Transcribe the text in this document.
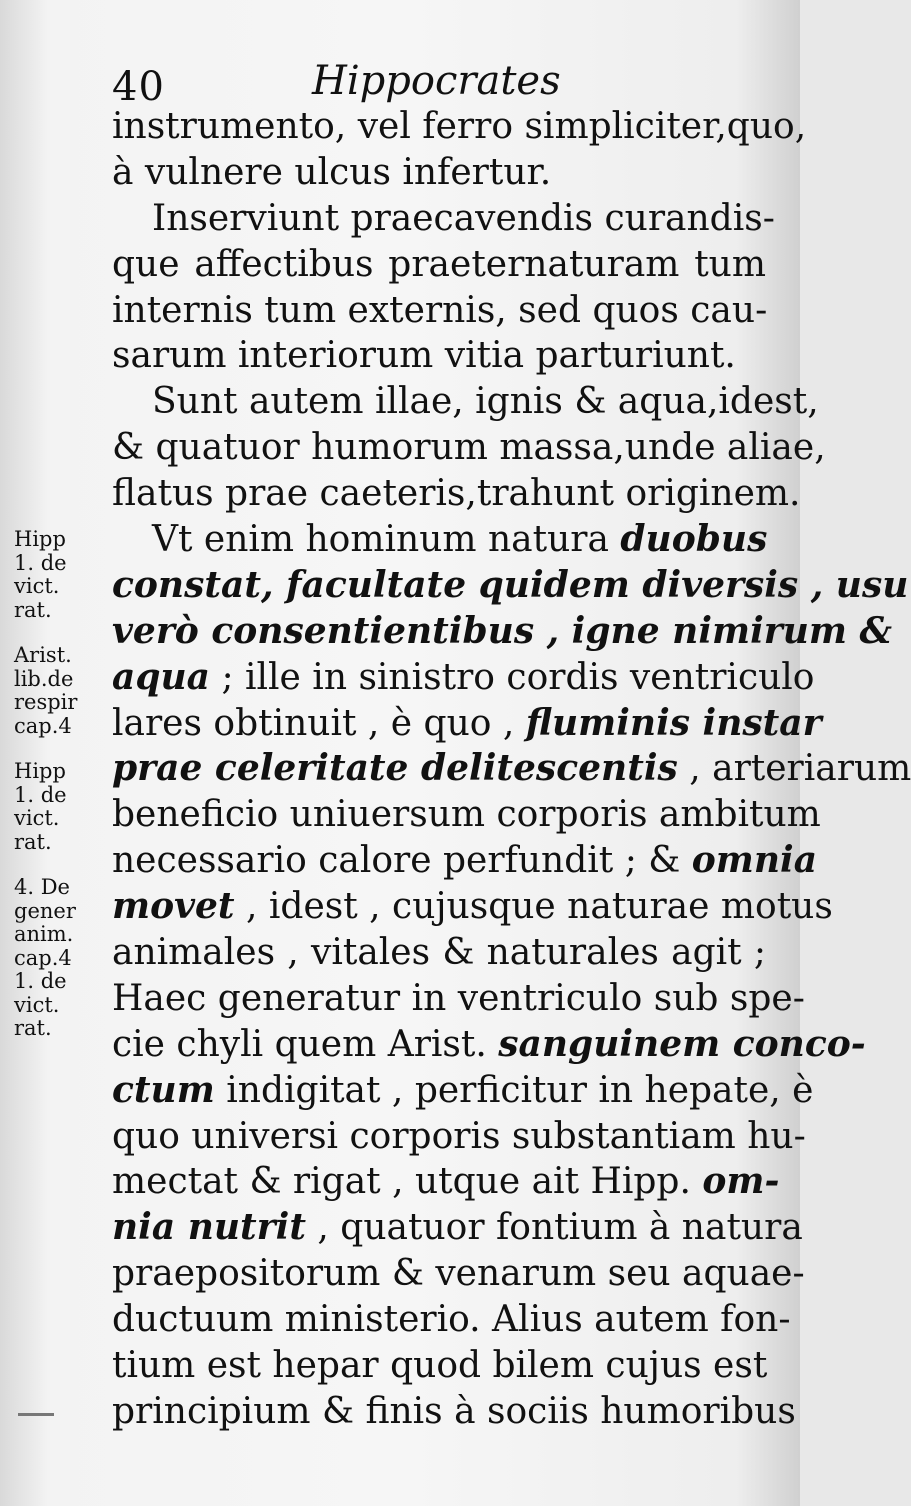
40	Hippocrates
instrumento, vel ferro simpliciter,quo,
à vulnere ulcus infertur.
Inserviunt praecavendis curandis-
que affectibus praeternaturam tum
internis tum externis, sed quos cau-
sarum interiorum vitia parturiunt.
Sunt autem illae, ignis & aqua,idest,
& quatuor humorum massa,unde aliae,
flatus prae caeteris,trahunt originem.
Vt enim hominum natura duobus
constat, facultate quidem diversis , usu
verò consentientibus , igne nimirum &
aqua ; ille in sinistro cordis ventriculo
lares obtinuit , è quo , fluminis instar
prae celeritate delitescentis , arteriarum
beneficio uniuersum corporis ambitum
necessario calore perfundit ; & omnia
movet , idest , cujusque naturae motus
animales , vitales & naturales agit ;
Haec generatur in ventriculo sub spe-
cie chyli quem Arist. sanguinem conco-
ctum indigitat , perficitur in hepate, è
quo universi corporis substantiam hu-
mectat & rigat , utque ait Hipp. om-
nia nutrit , quatuor fontium à natura
praepositorum & venarum seu aquae-
ductuum ministerio. Alius autem fon-
tium est hepar quod bilem cujus est
principium & finis à sociis humoribus
Hipp
1. de
vict.
rat.
Arist.
lib.de
respir
cap.4
Hipp
1. de
vict.
rat.
4. De
gener
anim.
cap.4
1. de
vict.
rat.
